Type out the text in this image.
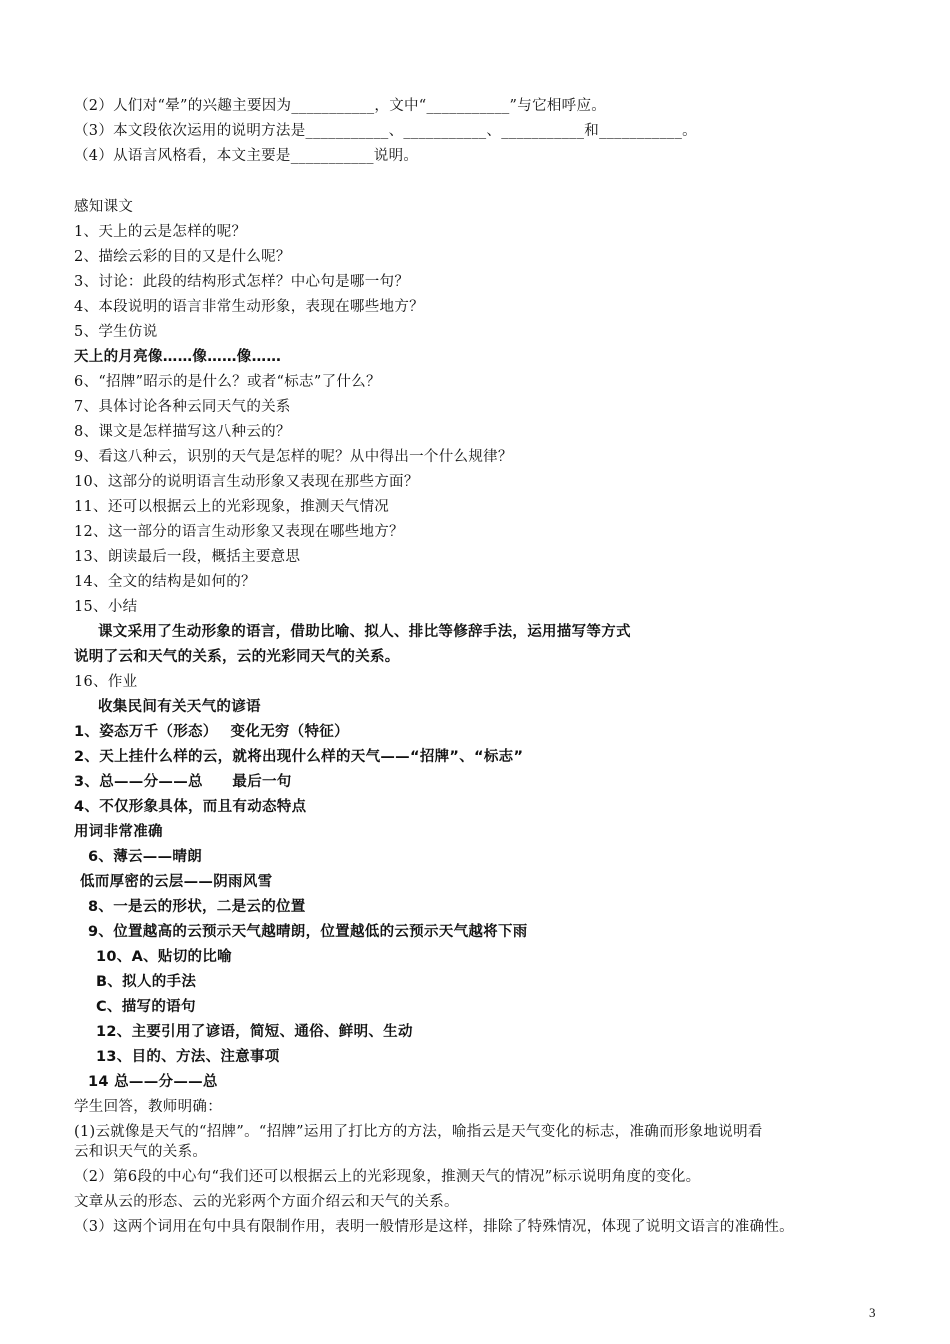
（2）人们对“晕”的兴趣主要因为___________，文中“___________”与它相呼应。
（3）本文段依次运用的说明方法是___________、___________、___________和___________。
（4）从语言风格看，本文主要是___________说明。
感知课文
1、天上的云是怎样的呢？
2、描绘云彩的目的又是什么呢？
3、讨论：此段的结构形式怎样？中心句是哪一句？
4、本段说明的语言非常生动形象，表现在哪些地方？
5、学生仿说
天上的月亮像……像……像……
6、“招牌”昭示的是什么？或者“标志”了什么？
7、具体讨论各种云同天气的关系
8、课文是怎样描写这八种云的？
9、看这八种云，识别的天气是怎样的呢？从中得出一个什么规律？
10、这部分的说明语言生动形象又表现在那些方面？
11、还可以根据云上的光彩现象，推测天气情况
12、这一部分的语言生动形象又表现在哪些地方？
13、朗读最后一段，概括主要意思
14、全文的结构是如何的？
15、小结
课文采用了生动形象的语言，借助比喻、拟人、排比等修辞手法，运用描写等方式
说明了云和天气的关系，云的光彩同天气的关系。
16、作业
收集民间有关天气的谚语
1、姿态万千（形态）　 变化无穷（特征）
2、天上挂什么样的云，就将出现什么样的天气——“招牌”、“标志”
3、总——分——总　　最后一句
4、不仅形象具体，而且有动态特点
用词非常准确
6、薄云——晴朗
低而厚密的云层——阴雨风雪
8、一是云的形状，二是云的位置
9、位置越高的云预示天气越晴朗，位置越低的云预示天气越将下雨
10、A、贴切的比喻
B、拟人的手法
C、描写的语句
12、主要引用了谚语，简短、通俗、鲜明、生动
13、目的、方法、注意事项
14 总——分——总
学生回答，教师明确：
(1)云就像是天气的“招牌”。“招牌”运用了打比方的方法，喻指云是天气变化的标志，准确而形象地说明看
云和识天气的关系。
（2）第6段的中心句“我们还可以根据云上的光彩现象，推测天气的情况”标示说明角度的变化。
文章从云的形态、云的光彩两个方面介绍云和天气的关系。
（3）这两个词用在句中具有限制作用，表明一般情形是这样，排除了特殊情况，体现了说明文语言的准确性。
3
